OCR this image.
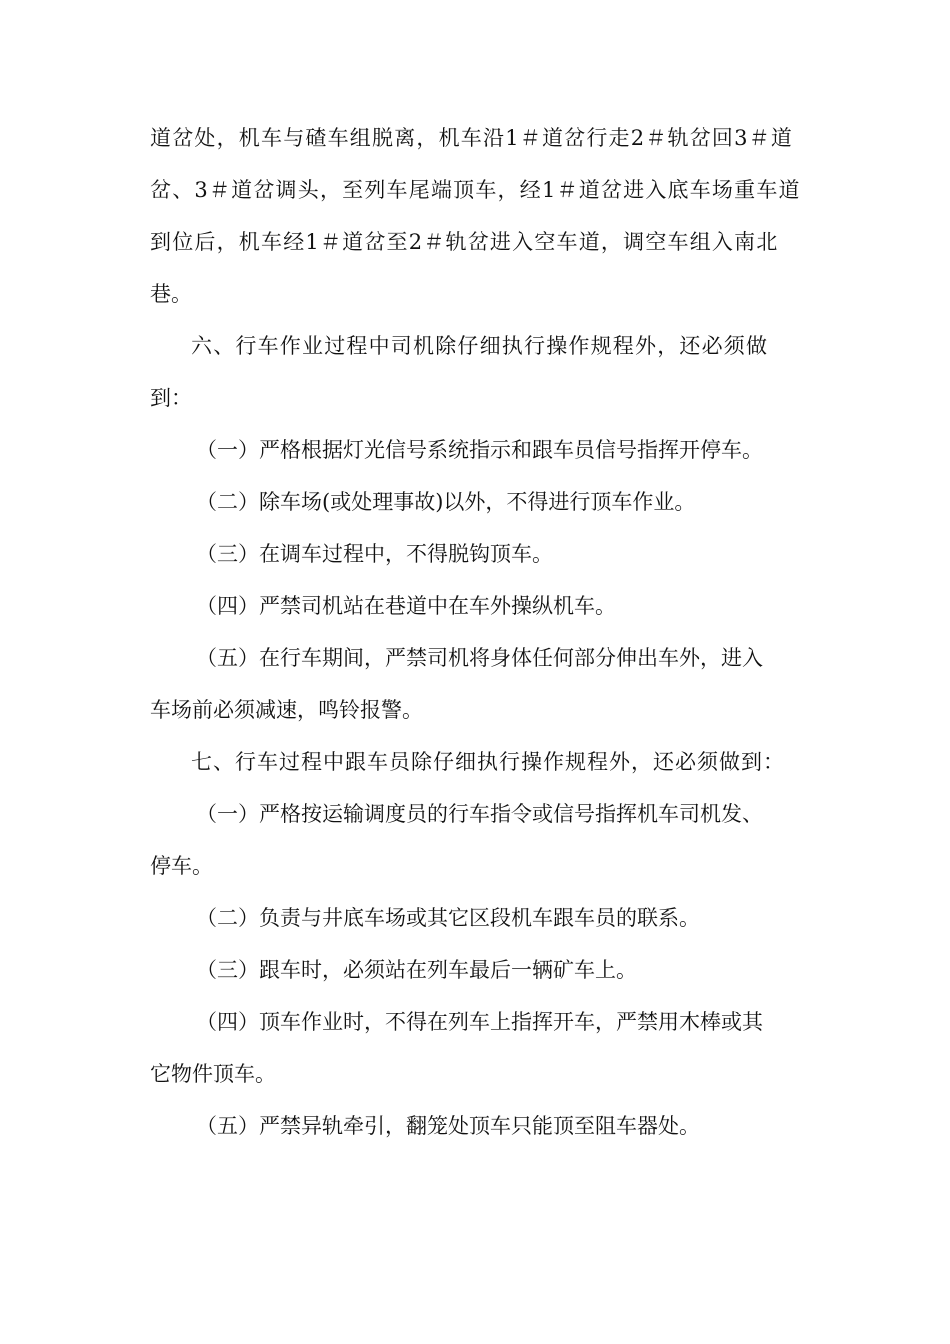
道岔处，机车与碴车组脱离，机车沿1＃道岔行走2＃轨岔回3＃道
岔、3＃道岔调头，至列车尾端顶车，经1＃道岔进入底车场重车道
到位后，机车经1＃道岔至2＃轨岔进入空车道，调空车组入南北
巷。
六、行车作业过程中司机除仔细执行操作规程外，还必须做
到：
（一）严格根据灯光信号系统指示和跟车员信号指挥开停车。
（二）除车场(或处理事故)以外，不得进行顶车作业。
（三）在调车过程中，不得脱钩顶车。
（四）严禁司机站在巷道中在车外操纵机车。
（五）在行车期间，严禁司机将身体任何部分伸出车外，进入
车场前必须减速，鸣铃报警。
七、行车过程中跟车员除仔细执行操作规程外，还必须做到：
（一）严格按运输调度员的行车指令或信号指挥机车司机发、
停车。
（二）负责与井底车场或其它区段机车跟车员的联系。
（三）跟车时，必须站在列车最后一辆矿车上。
（四）顶车作业时，不得在列车上指挥开车，严禁用木棒或其
它物件顶车。
（五）严禁异轨牵引，翻笼处顶车只能顶至阻车器处。
